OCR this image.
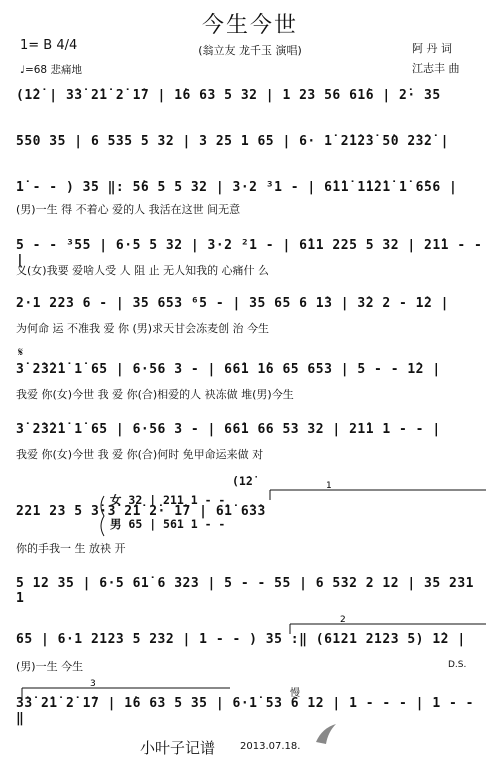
今生今世
(翁立友 龙千玉 演唱)
1= B 4/4
♩=68 悲痛地
阿 丹 词
江志丰 曲
(1̇2̇ | 3̇3̇ 2̇1̇ 2̇ 1̇7 | 1̇6 63 5 32 | 1 23 56 61̇6 | 2̇· 35
550 35 | 6 535 5 32 | 3 25 1 65 | 6· 1̇ 2̇1̇2̇3̇ 5̇0 2̇3̇2̇ |
1̇ - - ) 35 ‖: 5̇6 5 5 32 | 3·2 ³1 - | 6̇1̇1̇ 1̇1̇2̇1̇ 1̇ 6̇56 |
(男)一生 得 不着心 爱的人 我活在这世 间无意
5 - - ³55 | 6·5 5 32 | 3·2 ²1 - | 6̇11 225 5 32 | 21̇1 - - |
义(女)我要 爱啥人受 人 阻 止 无人知我的 心痛什 么
2·1 223 6 - | 35 653 ⁶5 - | 35 65 6 1̇3 | 3̇2 2 - 1̇2 |
为何命 运 不准我 爱 你 (男)求天甘会冻麦创 治 今生
𝄋
3̇ 2̇3̇2̇1̇ 1̇ 65 | 6·56 3 - | 66̇1 1̇6 65 653 | 5 - - 1̇2 |
我爱 你(女)今世 我 爱 你(合)相爱的人 袂冻做 堆(男)今生
3̇ 2̇3̇2̇1̇ 1̇ 65 | 6·56 3 - | 66̇1 66 53 32 | 21̇1 1 - - |
我爱 你(女)今世 我 爱 你(合)何时 免甲命运来做 对
(1̇2̇
女 32 | 211 1 - -
男 65 | 561 1 - -
221 23 5 3̇·3̇ 2̇1̇ 2̇· 1̇7 | 6̇1̇ 6̇3̇3
你的手我一 生 放袂 开
5 12 35 | 6·5 61̇ 6 323 | 5 - - 55 | 6 532 2 12 | 35 231 1
65 | 6·1 2123 5 232 | 1 - - ) 35 :‖ (6121 2123 5) 1̇2 |
(男)一生 今生	D.S.
慢
3̇3̇ 2̇1̇ 2̇ 1̇7 | 1̇6 63 5 35 | 6·1̇ 53 6 12 | 1 - - - | 1 - - ‖
小叶子记谱 2013.07.18.
1
2
3
